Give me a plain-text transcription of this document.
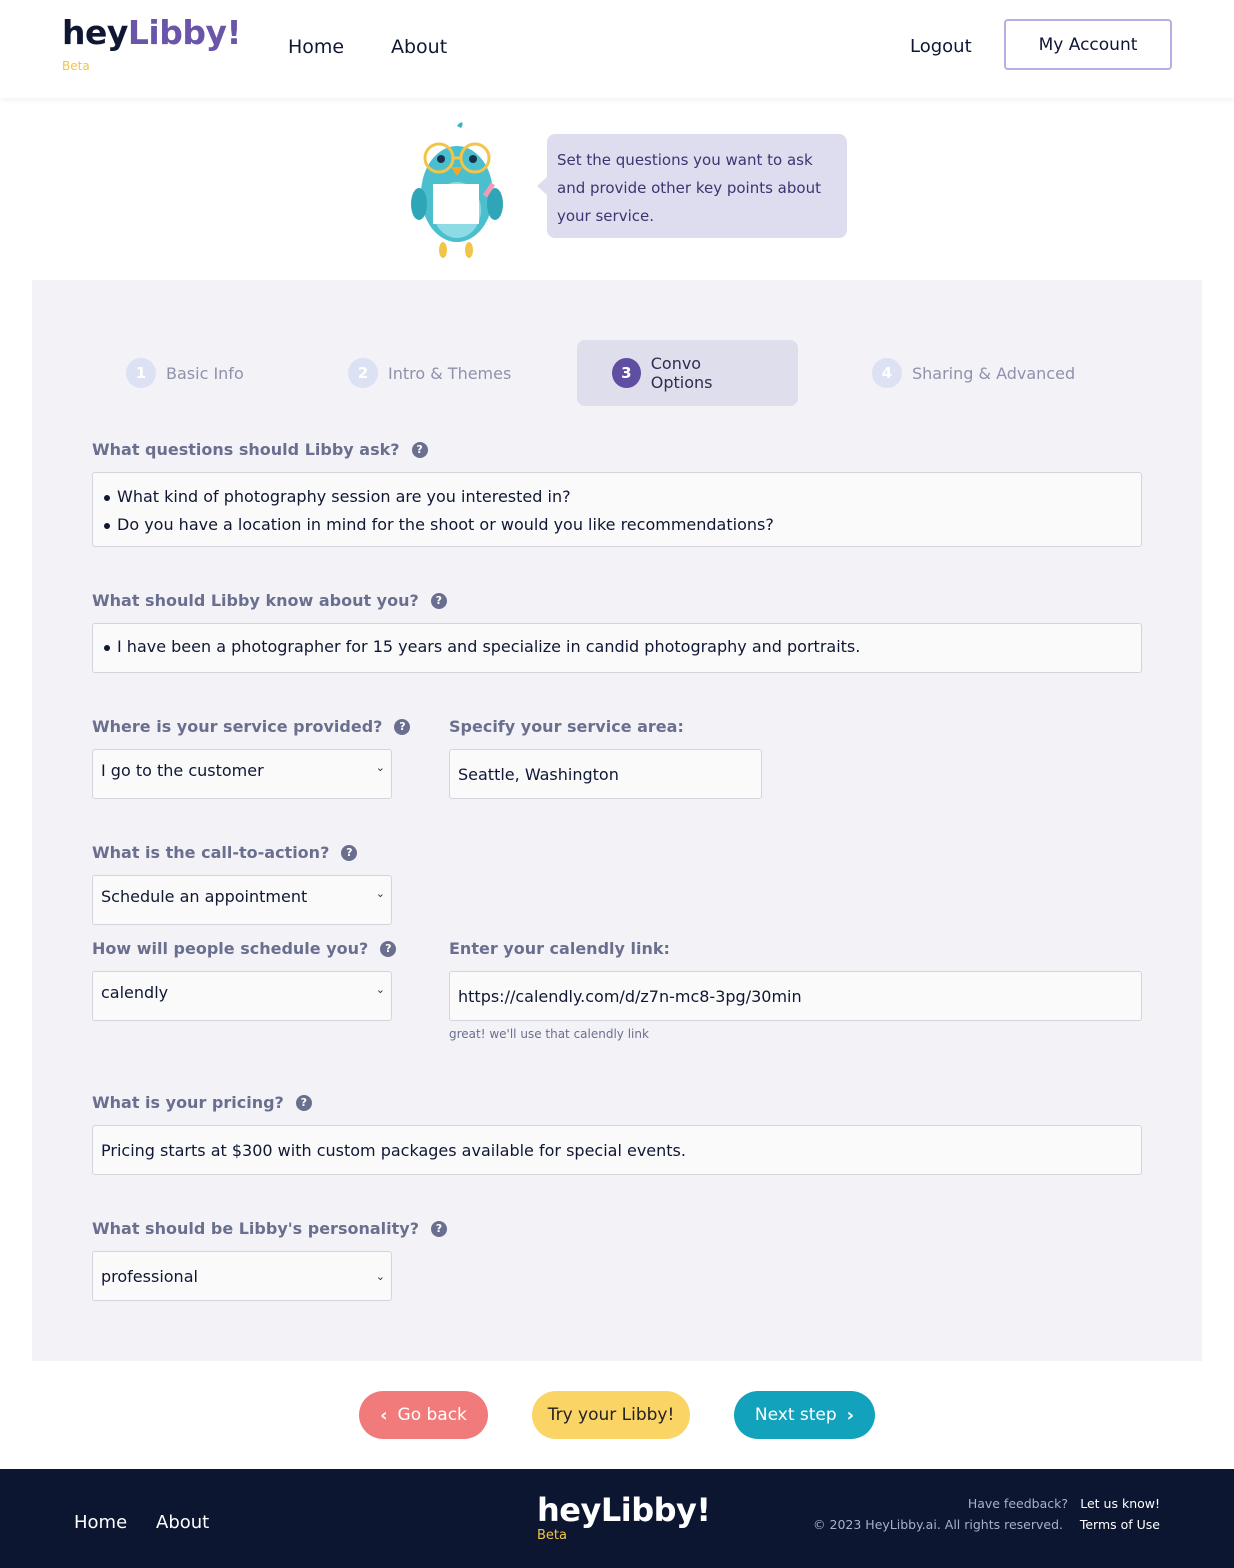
heyLibby!
Beta
Home About	Logout	My Account
Set the questions you want to ask and provide other key points about your service.
1	Basic Info	2	Intro & Themes	3	Convo Options	4	Sharing & Advanced
What questions should Libby ask?	?
What kind of photography session are you interested in?
Do you have a location in mind for the shoot or would you like recommendations?
What should Libby know about you?	?
I have been a photographer for 15 years and specialize in candid photography and portraits.
Where is your service provided?	?
I go to the customer	⌄
Specify your service area:
Seattle, Washington
What is the call-to-action?	?
Schedule an appointment	⌄
How will people schedule you?	?
calendly	⌄
Enter your calendly link:
https://calendly.com/d/z7n-mc8-3pg/30min
great! we'll use that calendly link
What is your pricing?	?
Pricing starts at $300 with custom packages available for special events.
What should be Libby's personality?	?
professional	⌄
‹ Go back	Try your Libby!	Next step ›
Home About	heyLibby!
Beta
Have feedback? Let us know!
© 2023 HeyLibby.ai. All rights reserved. Terms of Use
